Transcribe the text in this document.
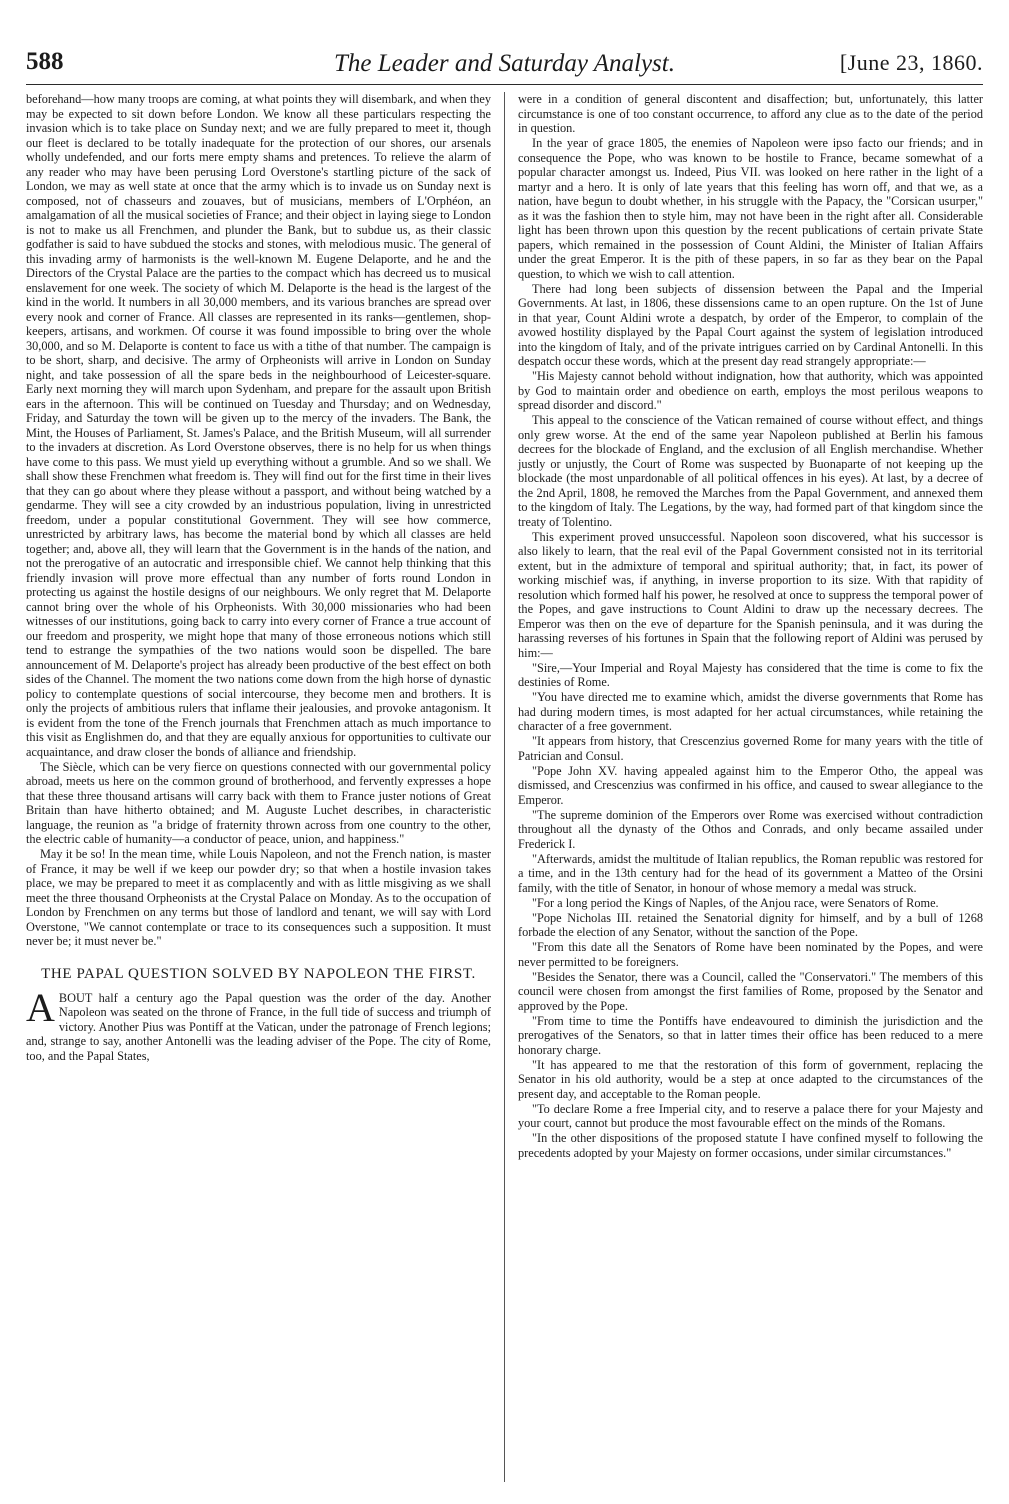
588	The Leader and Saturday Analyst.	[June 23, 1860.

beforehand—how many troops are coming, at what points they will disembark, and when they may be expected to sit down before London. We know all these particulars respecting the invasion which is to take place on Sunday next; and we are fully prepared to meet it, though our fleet is declared to be totally inadequate for the protection of our shores, our arsenals wholly undefended, and our forts mere empty shams and pretences. To relieve the alarm of any reader who may have been perusing Lord Overstone's startling picture of the sack of London, we may as well state at once that the army which is to invade us on Sunday next is composed, not of chasseurs and zouaves, but of musicians, members of L'Orphéon, an amalgamation of all the musical societies of France; and their object in laying siege to London is not to make us all Frenchmen, and plunder the Bank, but to subdue us, as their classic godfather is said to have subdued the stocks and stones, with melodious music. The general of this invading army of harmonists is the well-known M. Eugene Delaporte, and he and the Directors of the Crystal Palace are the parties to the compact which has decreed us to musical enslavement for one week. The society of which M. Delaporte is the head is the largest of the kind in the world. It numbers in all 30,000 members, and its various branches are spread over every nook and corner of France. All classes are represented in its ranks—gentlemen, shop-keepers, artisans, and workmen. Of course it was found impossible to bring over the whole 30,000, and so M. Delaporte is content to face us with a tithe of that number. The campaign is to be short, sharp, and decisive. The army of Orpheonists will arrive in London on Sunday night, and take possession of all the spare beds in the neighbourhood of Leicester-square. Early next morning they will march upon Sydenham, and prepare for the assault upon British ears in the afternoon. This will be continued on Tuesday and Thursday; and on Wednesday, Friday, and Saturday the town will be given up to the mercy of the invaders. The Bank, the Mint, the Houses of Parliament, St. James's Palace, and the British Museum, will all surrender to the invaders at discretion. As Lord Overstone observes, there is no help for us when things have come to this pass. We must yield up everything without a grumble. And so we shall. We shall show these Frenchmen what freedom is. They will find out for the first time in their lives that they can go about where they please without a passport, and without being watched by a gendarme. They will see a city crowded by an industrious population, living in unrestricted freedom, under a popular constitutional Government. They will see how commerce, unrestricted by arbitrary laws, has become the material bond by which all classes are held together; and, above all, they will learn that the Government is in the hands of the nation, and not the prerogative of an autocratic and irresponsible chief. We cannot help thinking that this friendly invasion will prove more effectual than any number of forts round London in protecting us against the hostile designs of our neighbours. We only regret that M. Delaporte cannot bring over the whole of his Orpheonists. With 30,000 missionaries who had been witnesses of our institutions, going back to carry into every corner of France a true account of our freedom and prosperity, we might hope that many of those erroneous notions which still tend to estrange the sympathies of the two nations would soon be dispelled. The bare announcement of M. Delaporte's project has already been productive of the best effect on both sides of the Channel. The moment the two nations come down from the high horse of dynastic policy to contemplate questions of social intercourse, they become men and brothers. It is only the projects of ambitious rulers that inflame their jealousies, and provoke antagonism. It is evident from the tone of the French journals that Frenchmen attach as much importance to this visit as Englishmen do, and that they are equally anxious for opportunities to cultivate our acquaintance, and draw closer the bonds of alliance and friendship.

The Siècle, which can be very fierce on questions connected with our governmental policy abroad, meets us here on the common ground of brotherhood, and fervently expresses a hope that these three thousand artisans will carry back with them to France juster notions of Great Britain than have hitherto obtained; and M. Auguste Luchet describes, in characteristic language, the reunion as "a bridge of fraternity thrown across from one country to the other, the electric cable of humanity—a conductor of peace, union, and happiness."

May it be so! In the mean time, while Louis Napoleon, and not the French nation, is master of France, it may be well if we keep our powder dry; so that when a hostile invasion takes place, we may be prepared to meet it as complacently and with as little misgiving as we shall meet the three thousand Orpheonists at the Crystal Palace on Monday. As to the occupation of London by Frenchmen on any terms but those of landlord and tenant, we will say with Lord Overstone, "We cannot contemplate or trace to its consequences such a supposition. It must never be; it must never be."

THE PAPAL QUESTION SOLVED BY NAPOLEON THE FIRST.

ABOUT half a century ago the Papal question was the order of the day. Another Napoleon was seated on the throne of France, in the full tide of success and triumph of victory. Another Pius was Pontiff at the Vatican, under the patronage of French legions; and, strange to say, another Antonelli was the leading adviser of the Pope. The city of Rome, too, and the Papal States,

were in a condition of general discontent and disaffection; but, unfortunately, this latter circumstance is one of too constant occurrence, to afford any clue as to the date of the period in question.

In the year of grace 1805, the enemies of Napoleon were ipso facto our friends; and in consequence the Pope, who was known to be hostile to France, became somewhat of a popular character amongst us. Indeed, Pius VII. was looked on here rather in the light of a martyr and a hero. It is only of late years that this feeling has worn off, and that we, as a nation, have begun to doubt whether, in his struggle with the Papacy, the "Corsican usurper," as it was the fashion then to style him, may not have been in the right after all. Considerable light has been thrown upon this question by the recent publications of certain private State papers, which remained in the possession of Count Aldini, the Minister of Italian Affairs under the great Emperor. It is the pith of these papers, in so far as they bear on the Papal question, to which we wish to call attention.

There had long been subjects of dissension between the Papal and the Imperial Governments. At last, in 1806, these dissensions came to an open rupture. On the 1st of June in that year, Count Aldini wrote a despatch, by order of the Emperor, to complain of the avowed hostility displayed by the Papal Court against the system of legislation introduced into the kingdom of Italy, and of the private intrigues carried on by Cardinal Antonelli. In this despatch occur these words, which at the present day read strangely appropriate:—

"His Majesty cannot behold without indignation, how that authority, which was appointed by God to maintain order and obedience on earth, employs the most perilous weapons to spread disorder and discord."

This appeal to the conscience of the Vatican remained of course without effect, and things only grew worse. At the end of the same year Napoleon published at Berlin his famous decrees for the blockade of England, and the exclusion of all English merchandise. Whether justly or unjustly, the Court of Rome was suspected by Buonaparte of not keeping up the blockade (the most unpardonable of all political offences in his eyes). At last, by a decree of the 2nd April, 1808, he removed the Marches from the Papal Government, and annexed them to the kingdom of Italy. The Legations, by the way, had formed part of that kingdom since the treaty of Tolentino.

This experiment proved unsuccessful. Napoleon soon discovered, what his successor is also likely to learn, that the real evil of the Papal Government consisted not in its territorial extent, but in the admixture of temporal and spiritual authority; that, in fact, its power of working mischief was, if anything, in inverse proportion to its size. With that rapidity of resolution which formed half his power, he resolved at once to suppress the temporal power of the Popes, and gave instructions to Count Aldini to draw up the necessary decrees. The Emperor was then on the eve of departure for the Spanish peninsula, and it was during the harassing reverses of his fortunes in Spain that the following report of Aldini was perused by him:—

"Sire,—Your Imperial and Royal Majesty has considered that the time is come to fix the destinies of Rome.

"You have directed me to examine which, amidst the diverse governments that Rome has had during modern times, is most adapted for her actual circumstances, while retaining the character of a free government.

"It appears from history, that Crescenzius governed Rome for many years with the title of Patrician and Consul.

"Pope John XV. having appealed against him to the Emperor Otho, the appeal was dismissed, and Crescenzius was confirmed in his office, and caused to swear allegiance to the Emperor.

"The supreme dominion of the Emperors over Rome was exercised without contradiction throughout all the dynasty of the Othos and Conrads, and only became assailed under Frederick I.

"Afterwards, amidst the multitude of Italian republics, the Roman republic was restored for a time, and in the 13th century had for the head of its government a Matteo of the Orsini family, with the title of Senator, in honour of whose memory a medal was struck.

"For a long period the Kings of Naples, of the Anjou race, were Senators of Rome.

"Pope Nicholas III. retained the Senatorial dignity for himself, and by a bull of 1268 forbade the election of any Senator, without the sanction of the Pope.

"From this date all the Senators of Rome have been nominated by the Popes, and were never permitted to be foreigners.

"Besides the Senator, there was a Council, called the "Conservatori." The members of this council were chosen from amongst the first families of Rome, proposed by the Senator and approved by the Pope.

"From time to time the Pontiffs have endeavoured to diminish the jurisdiction and the prerogatives of the Senators, so that in latter times their office has been reduced to a mere honorary charge.

"It has appeared to me that the restoration of this form of government, replacing the Senator in his old authority, would be a step at once adapted to the circumstances of the present day, and acceptable to the Roman people.

"To declare Rome a free Imperial city, and to reserve a palace there for your Majesty and your court, cannot but produce the most favourable effect on the minds of the Romans.

"In the other dispositions of the proposed statute I have confined myself to following the precedents adopted by your Majesty on former occasions, under similar circumstances."
